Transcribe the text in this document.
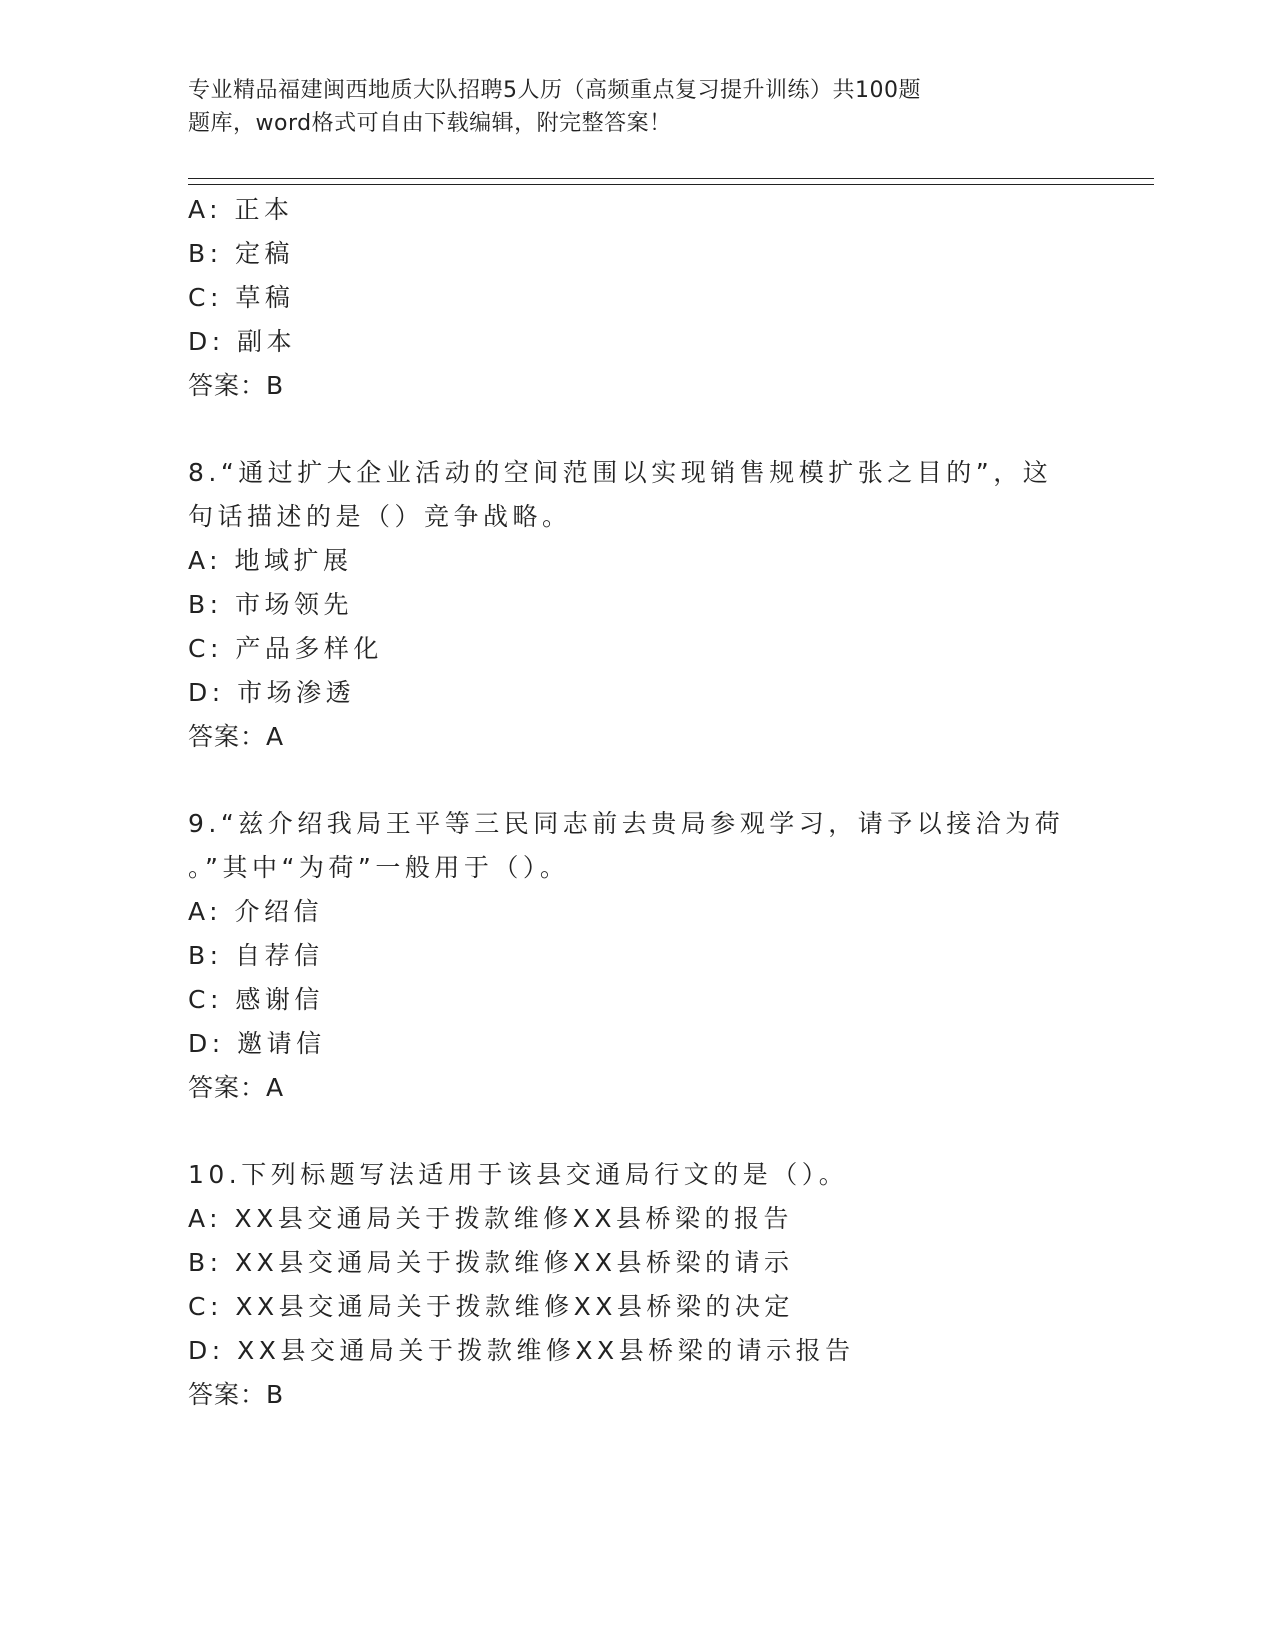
专业精品福建闽西地质大队招聘5人历（高频重点复习提升训练）共100题
题库，word格式可自由下载编辑，附完整答案！
A: 正本
B: 定稿
C: 草稿
D: 副本
答案：B
8.“通过扩大企业活动的空间范围以实现销售规模扩张之目的”，这
句话描述的是（）竞争战略。
A: 地域扩展
B: 市场领先
C: 产品多样化
D: 市场渗透
答案：A
9.“兹介绍我局王平等三民同志前去贵局参观学习，请予以接洽为荷
。”其中“为荷”一般用于（）。
A: 介绍信
B: 自荐信
C: 感谢信
D: 邀请信
答案：A
10.下列标题写法适用于该县交通局行文的是（）。
A: XX县交通局关于拨款维修XX县桥梁的报告
B: XX县交通局关于拨款维修XX县桥梁的请示
C: XX县交通局关于拨款维修XX县桥梁的决定
D: XX县交通局关于拨款维修XX县桥梁的请示报告
答案：B
